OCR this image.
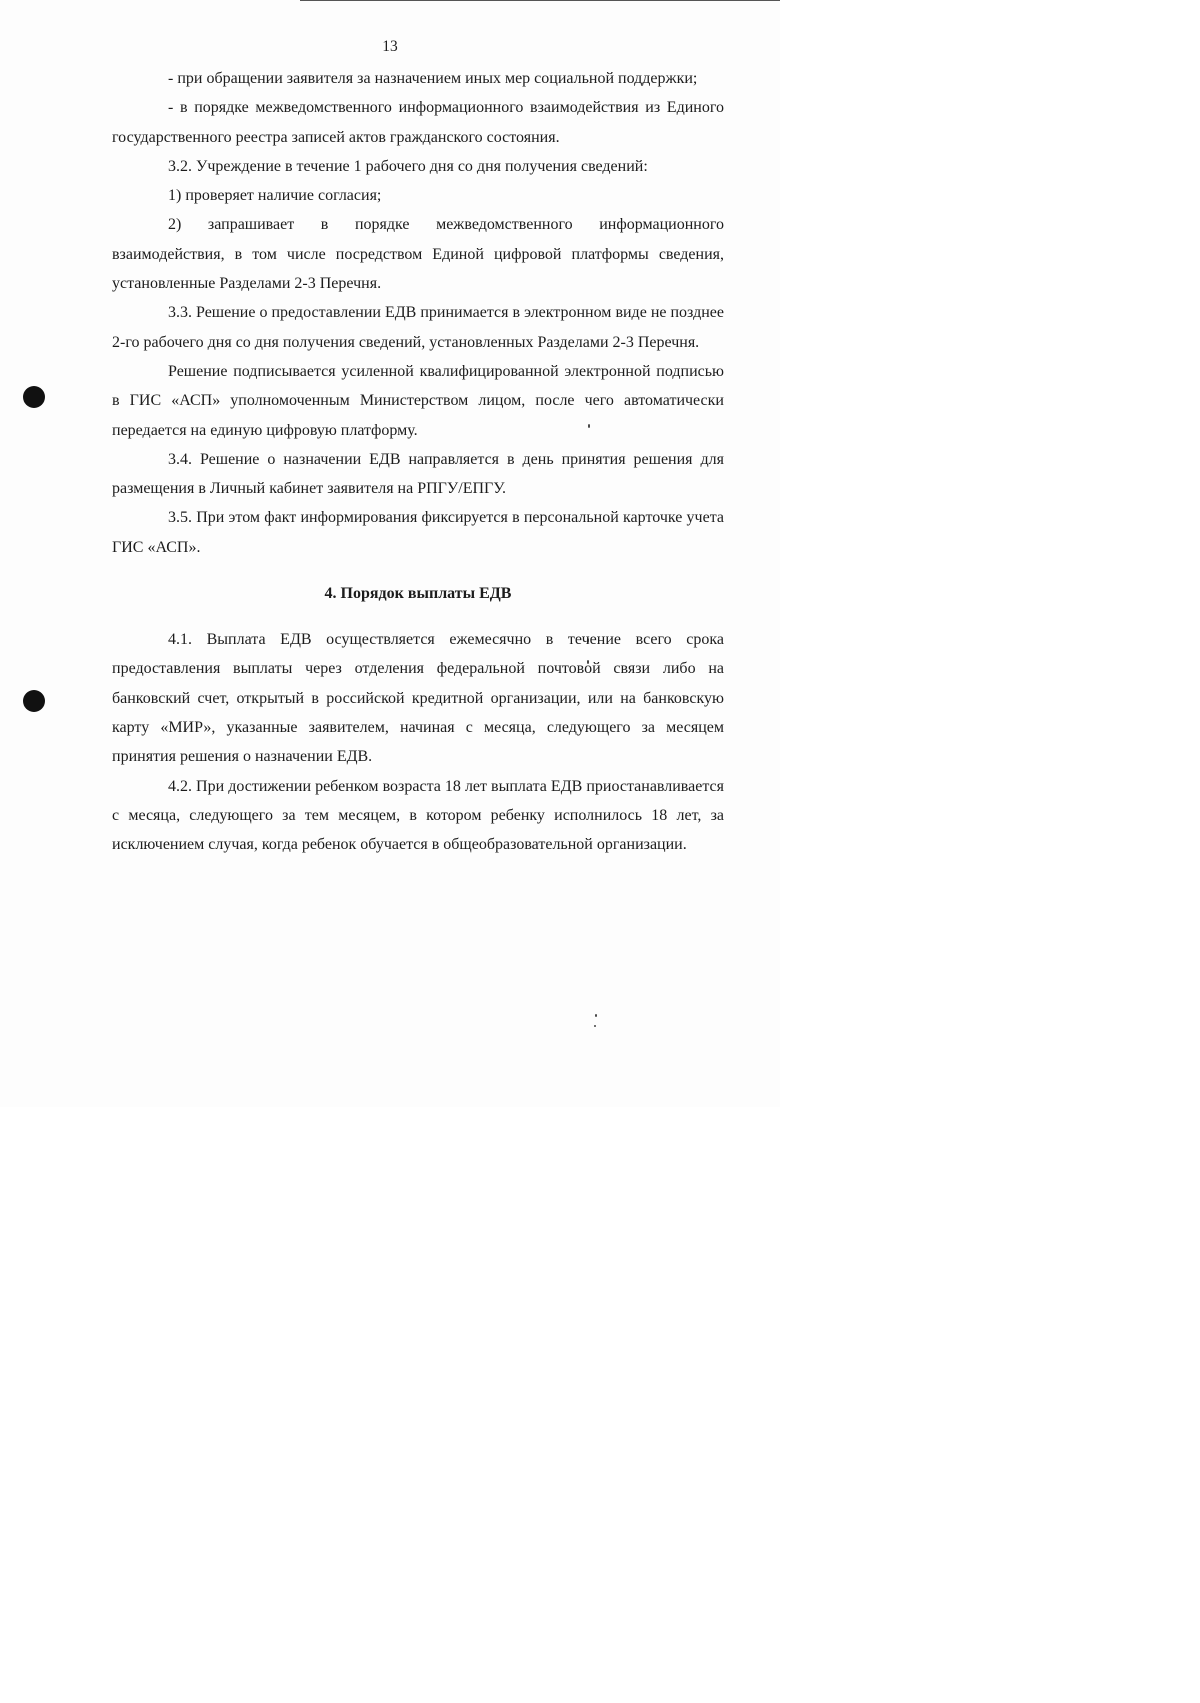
13

- при обращении заявителя за назначением иных мер социальной поддержки;

- в порядке межведомственного информационного взаимодействия из Единого государственного реестра записей актов гражданского состояния.

3.2. Учреждение в течение 1 рабочего дня со дня получения сведений:

1) проверяет наличие согласия;

2) запрашивает в порядке межведомственного информационного взаимодействия, в том числе посредством Единой цифровой платформы сведения, установленные Разделами 2-3 Перечня.

3.3. Решение о предоставлении ЕДВ принимается в электронном виде не позднее 2-го рабочего дня со дня получения сведений, установленных Разделами 2-3 Перечня.

Решение подписывается усиленной квалифицированной электронной подписью в ГИС «АСП» уполномоченным Министерством лицом, после чего автоматически передается на единую цифровую платформу.

3.4. Решение о назначении ЕДВ направляется в день принятия решения для размещения в Личный кабинет заявителя на РПГУ/ЕПГУ.

3.5. При этом факт информирования фиксируется в персональной карточке учета ГИС «АСП».

4. Порядок выплаты ЕДВ

4.1. Выплата ЕДВ осуществляется ежемесячно в течение всего срока предоставления выплаты через отделения федеральной почтовой связи либо на банковский счет, открытый в российской кредитной организации, или на банковскую карту «МИР», указанные заявителем, начиная с месяца, следующего за месяцем принятия решения о назначении ЕДВ.

4.2. При достижении ребенком возраста 18 лет выплата ЕДВ приостанавливается с месяца, следующего за тем месяцем, в котором ребенку исполнилось 18 лет, за исключением случая, когда ребенок обучается в общеобразовательной организации.
